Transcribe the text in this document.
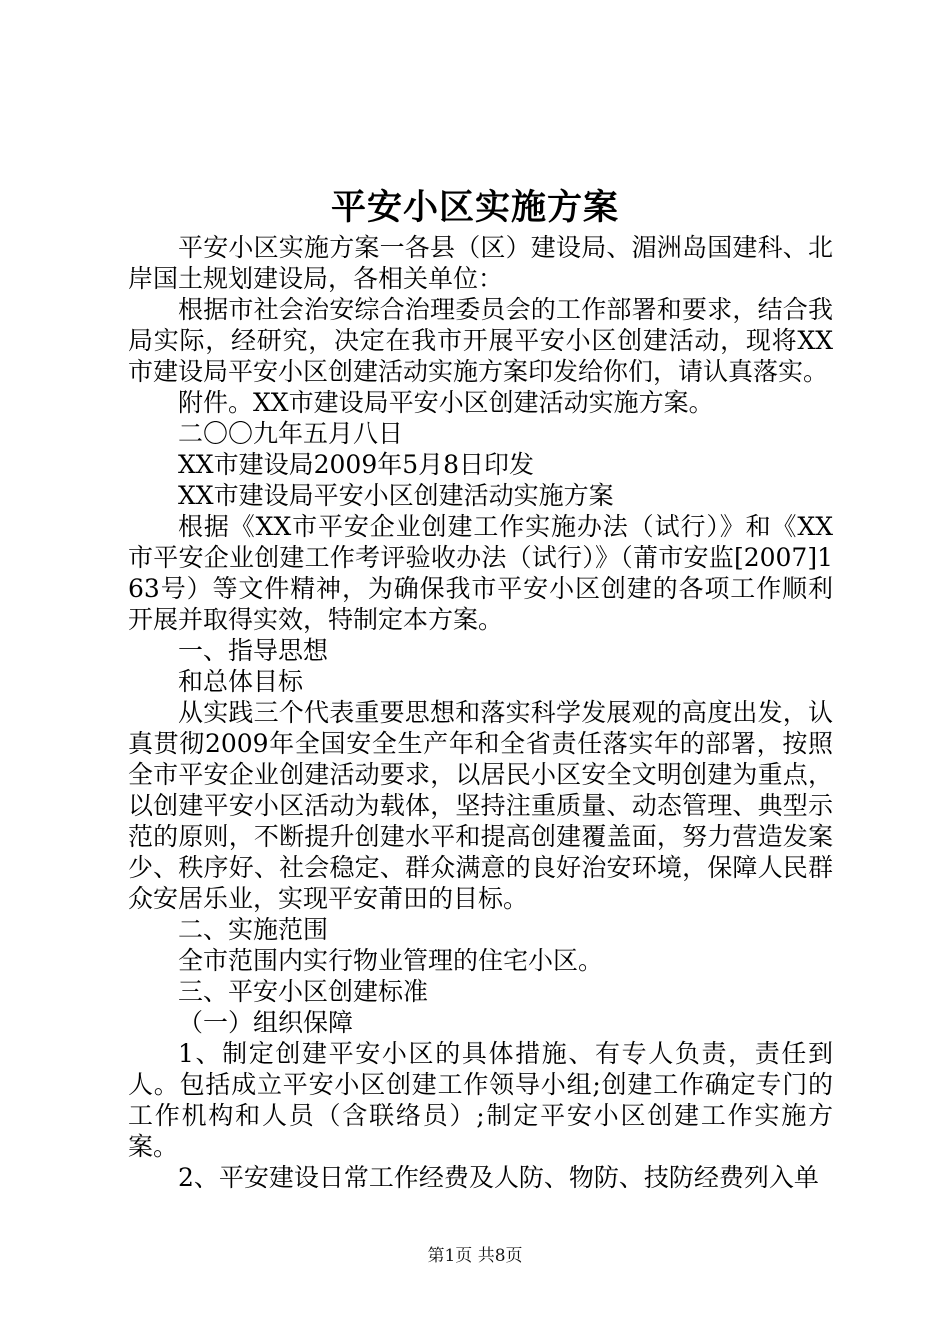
平安小区实施方案

平安小区实施方案一各县（区）建设局、湄洲岛国建科、北岸国土规划建设局，各相关单位：

根据市社会治安综合治理委员会的工作部署和要求，结合我局实际，经研究，决定在我市开展平安小区创建活动，现将XX市建设局平安小区创建活动实施方案印发给你们，请认真落实。

附件。XX市建设局平安小区创建活动实施方案。

二〇〇九年五月八日

XX市建设局2009年5月8日印发

XX市建设局平安小区创建活动实施方案

根据《XX市平安企业创建工作实施办法（试行）》和《XX市平安企业创建工作考评验收办法（试行）》（莆市安监[2007]163号）等文件精神，为确保我市平安小区创建的各项工作顺利开展并取得实效，特制定本方案。

一、指导思想

和总体目标

从实践三个代表重要思想和落实科学发展观的高度出发，认真贯彻2009年全国安全生产年和全省责任落实年的部署，按照全市平安企业创建活动要求，以居民小区安全文明创建为重点，以创建平安小区活动为载体，坚持注重质量、动态管理、典型示范的原则，不断提升创建水平和提高创建覆盖面，努力营造发案少、秩序好、社会稳定、群众满意的良好治安环境，保障人民群众安居乐业，实现平安莆田的目标。

二、实施范围

全市范围内实行物业管理的住宅小区。

三、平安小区创建标准

（一）组织保障

1、制定创建平安小区的具体措施、有专人负责，责任到人。包括成立平安小区创建工作领导小组;创建工作确定专门的工作机构和人员（含联络员）;制定平安小区创建工作实施方案。

2、平安建设日常工作经费及人防、物防、技防经费列入单

第1页 共8页
